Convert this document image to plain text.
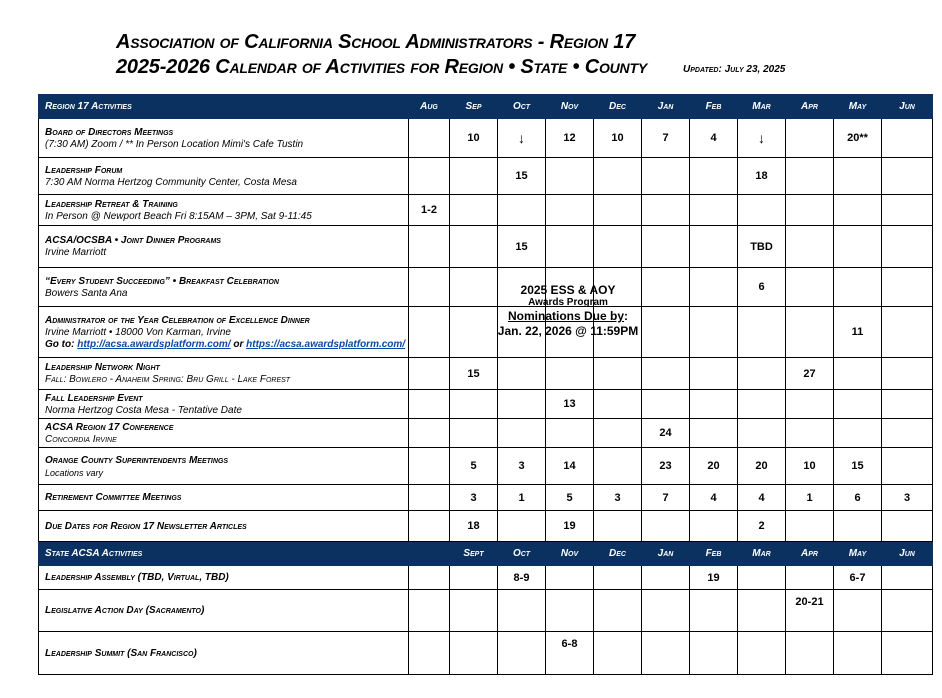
Association of California School Administrators - Region 17
2025-2026 Calendar of Activities for Region • State • County	Updated: July 23, 2025
Region 17 Activities	Aug	Sep	Oct	Nov	Dec	Jan	Feb	Mar	Apr	May	Jun

Board of Directors Meetings
(7:30 AM) Zoom / ** In Person Location Mimi's Cafe Tustin		10	↓	12	10	7	4	↓		20**	

Leadership Forum
7:30 AM Norma Hertzog Community Center, Costa Mesa			15					18			

Leadership Retreat & Training
In Person @ Newport Beach Fri 8:15AM – 3PM, Sat 9-11:45	1-2										

ACSA/OCSBA • Joint Dinner Programs
Irvine Marriott			15					TBD			

“Every Student Succeeding” • Breakfast Celebration
Bowers Santa Ana								6			

Administrator of the Year Celebration of Excellence Dinner
Irvine Marriott • 18000 Von Karman, Irvine
Go to: http://acsa.awardsplatform.com/ or https://acsa.awardsplatform.com/										11	

Leadership Network Night
Fall: Bowlero - Anaheim Spring: Bru Grill - Lake Forest		15							27		

Fall Leadership Event
Norma Hertzog Costa Mesa - Tentative Date				13							

ACSA Region 17 Conference
Concordia Irvine						24					

Orange County Superintendents Meetings
Locations vary		5	3	14		23	20	20	10	15	

Retirement Committee Meetings		3	1	5	3	7	4	4	1	6	3

Due Dates for Region 17 Newsletter Articles		18		19				2			
State ACSA Activities		Sept	Oct	Nov	Dec	Jan	Feb	Mar	Apr	May	Jun

Leadership Assembly (TBD, Virtual, TBD)			8-9				19			6-7	

Legislative Action Day (Sacramento)									20-21		

Leadership Summit (San Francisco)				6-8							
2025 ESS & AOY
Awards Program
Nominations Due by:
Jan. 22, 2026 @ 11:59PM
